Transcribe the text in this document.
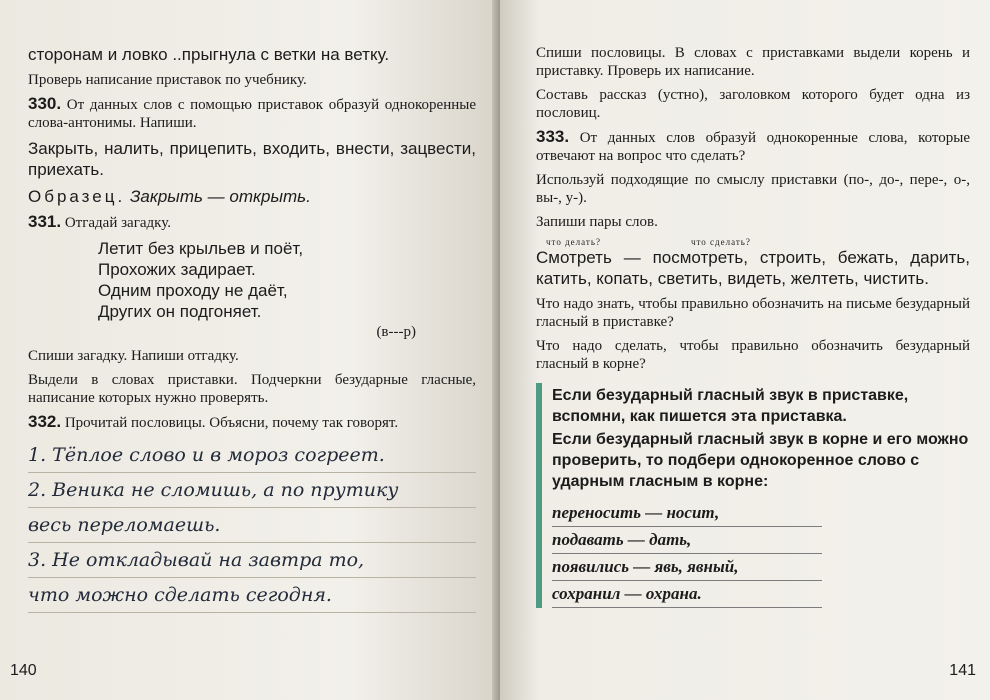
сторонам и ловко ..прыгнула с ветки на ветку.

Проверь написание приставок по учебнику.

330. От данных слов с помощью приставок образуй однокоренные слова-антонимы. Напиши.

Закрыть, налить, прицепить, входить, внести, зацвести, приехать.

Образец. Закрыть — открыть.

331. Отгадай загадку.

Летит без крыльев и поёт,
Прохожих задирает.
Одним проходу не даёт,
Других он подгоняет.
(в---р)

Спиши загадку. Напиши отгадку.

Выдели в словах приставки. Подчеркни безударные гласные, написание которых нужно проверять.

332. Прочитай пословицы. Объясни, почему так говорят.

1. Тёплое слово и в мороз согреет.
2. Веника не сломишь, а по прутику
весь переломаешь.
3. Не откладывай на завтра то,
что можно сделать сегодня.
140

Спиши пословицы. В словах с приставками выдели корень и приставку. Проверь их написание.

Составь рассказ (устно), заголовком которого будет одна из пословиц.

333. От данных слов образуй однокоренные слова, которые отвечают на вопрос что сделать?

Используй подходящие по смыслу приставки (по-, до-, пере-, о-, вы-, у-).

Запиши пары слов.

что делать?	что сделать?

Смотреть — посмотреть, строить, бежать, дарить, катить, копать, светить, видеть, желтеть, чистить.

Что надо знать, чтобы правильно обозначить на письме безударный гласный в приставке?

Что надо сделать, чтобы правильно обозначить безударный гласный в корне?

Если безударный гласный звук в приставке, вспомни, как пишется эта приставка.
Если безударный гласный звук в корне и его можно проверить, то подбери однокоренное слово с ударным гласным в корне:
переносить — носит,
подавать — дать,
появились — явь, явный,
сохранил — охрана.
141
